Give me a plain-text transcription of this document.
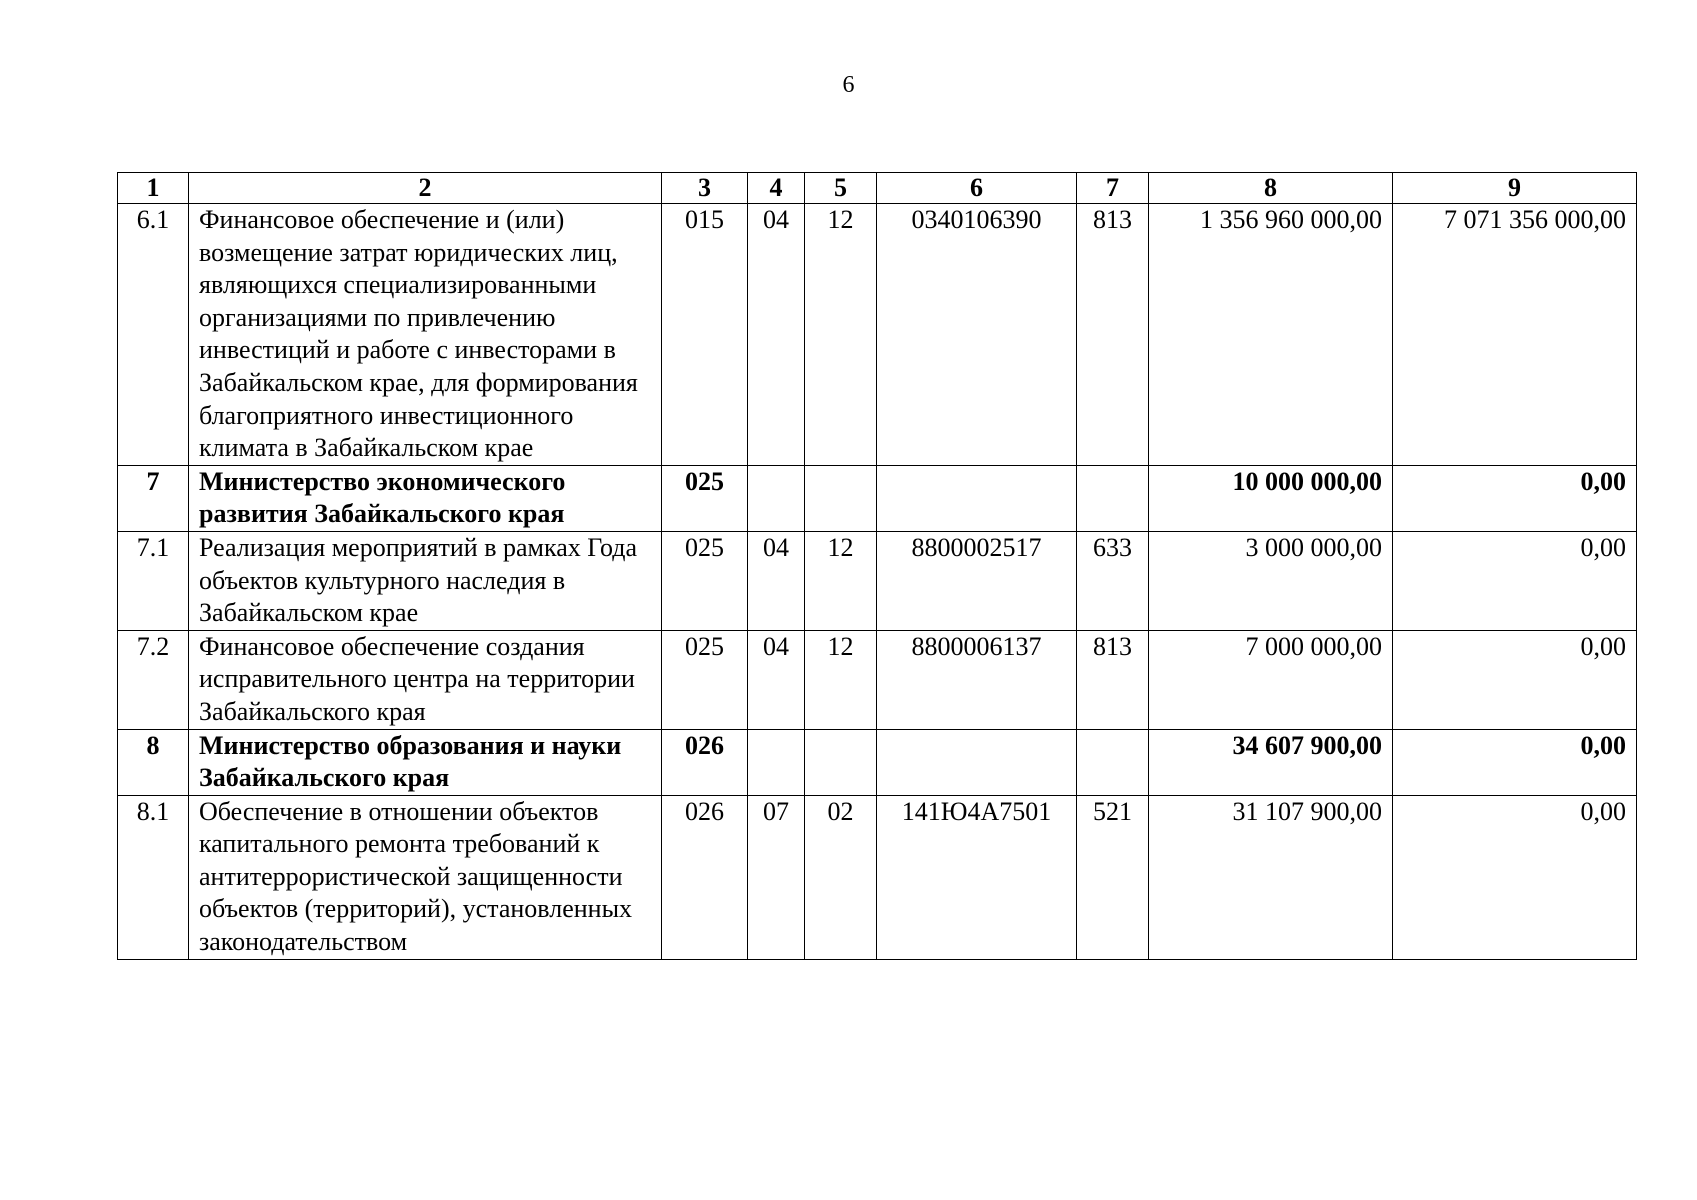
6
1	2	3	4	5	6	7	8	9
6.1	Финансовое обеспечение и (или) возмещение затрат юридических лиц, являющихся специализированными организациями по привлечению инвестиций и работе с инвесторами в Забайкальском крае, для формирования благоприятного инвестиционного климата в Забайкальском крае	015	04	12	0340106390	813	1 356 960 000,00	7 071 356 000,00
7	Министерство экономического развития Забайкальского края	025					10 000 000,00	0,00
7.1	Реализация мероприятий в рамках Года объектов культурного наследия в Забайкальском крае	025	04	12	8800002517	633	3 000 000,00	0,00
7.2	Финансовое обеспечение создания исправительного центра на территории Забайкальского края	025	04	12	8800006137	813	7 000 000,00	0,00
8	Министерство образования и науки Забайкальского края	026					34 607 900,00	0,00
8.1	Обеспечение в отношении объектов капитального ремонта требований к антитеррористической защищенности объектов (территорий), установленных законодательством	026	07	02	141Ю4А7501	521	31 107 900,00	0,00
